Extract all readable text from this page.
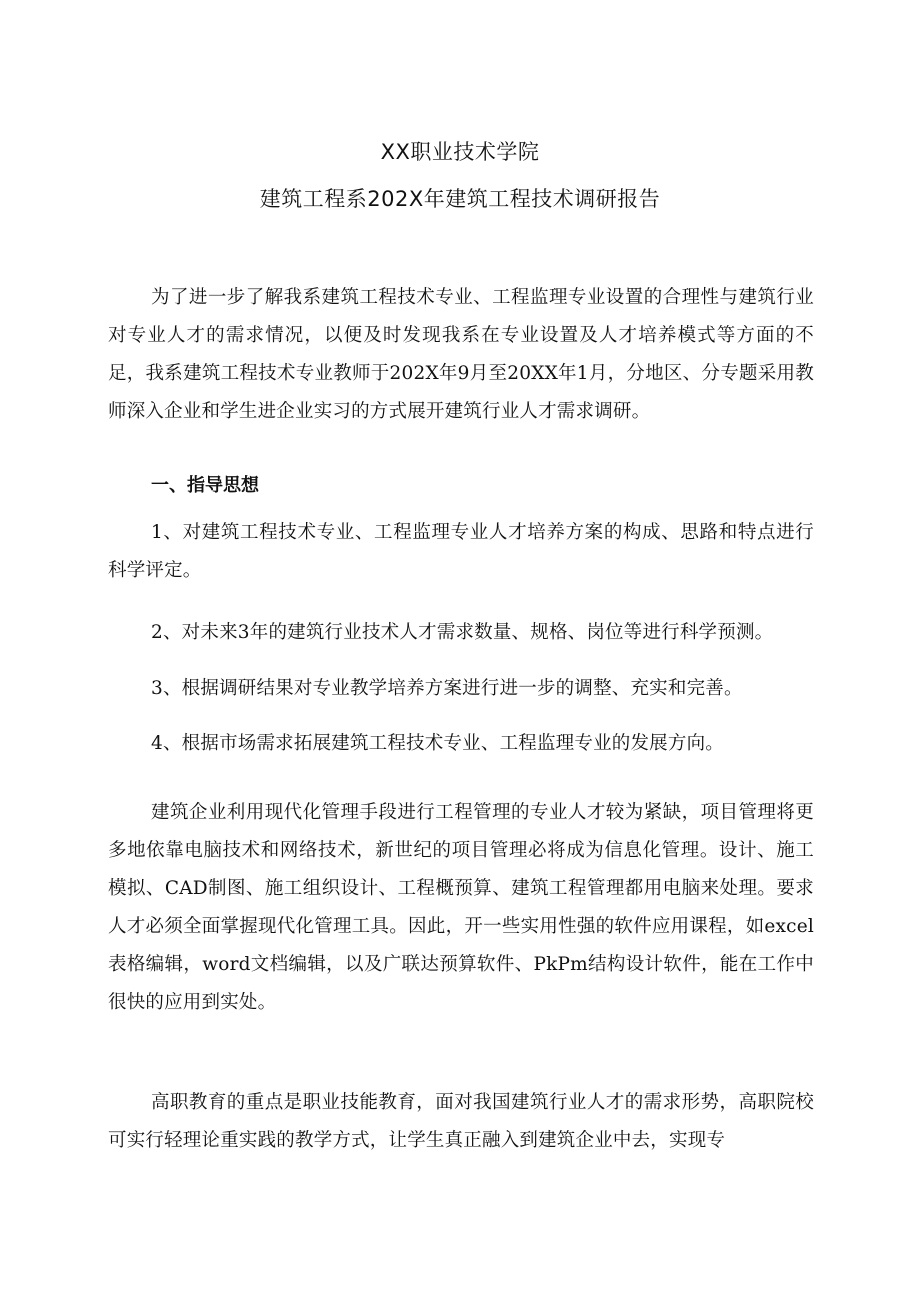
XX职业技术学院
建筑工程系202X年建筑工程技术调研报告

为了进一步了解我系建筑工程技术专业、工程监理专业设置的合理性与建筑行业对专业人才的需求情况，以便及时发现我系在专业设置及人才培养模式等方面的不足，我系建筑工程技术专业教师于202X年9月至20XX年1月，分地区、分专题采用教师深入企业和学生进企业实习的方式展开建筑行业人才需求调研。

一、指导思想

1、对建筑工程技术专业、工程监理专业人才培养方案的构成、思路和特点进行科学评定。

2、对未来3年的建筑行业技术人才需求数量、规格、岗位等进行科学预测。

3、根据调研结果对专业教学培养方案进行进一步的调整、充实和完善。

4、根据市场需求拓展建筑工程技术专业、工程监理专业的发展方向。

建筑企业利用现代化管理手段进行工程管理的专业人才较为紧缺，项目管理将更多地依靠电脑技术和网络技术，新世纪的项目管理必将成为信息化管理。设计、施工模拟、CAD制图、施工组织设计、工程概预算、建筑工程管理都用电脑来处理。要求人才必须全面掌握现代化管理工具。因此，开一些实用性强的软件应用课程，如excel表格编辑，word文档编辑，以及广联达预算软件、PkPm结构设计软件，能在工作中很快的应用到实处。

高职教育的重点是职业技能教育，面对我国建筑行业人才的需求形势，高职院校可实行轻理论重实践的教学方式，让学生真正融入到建筑企业中去，实现专
